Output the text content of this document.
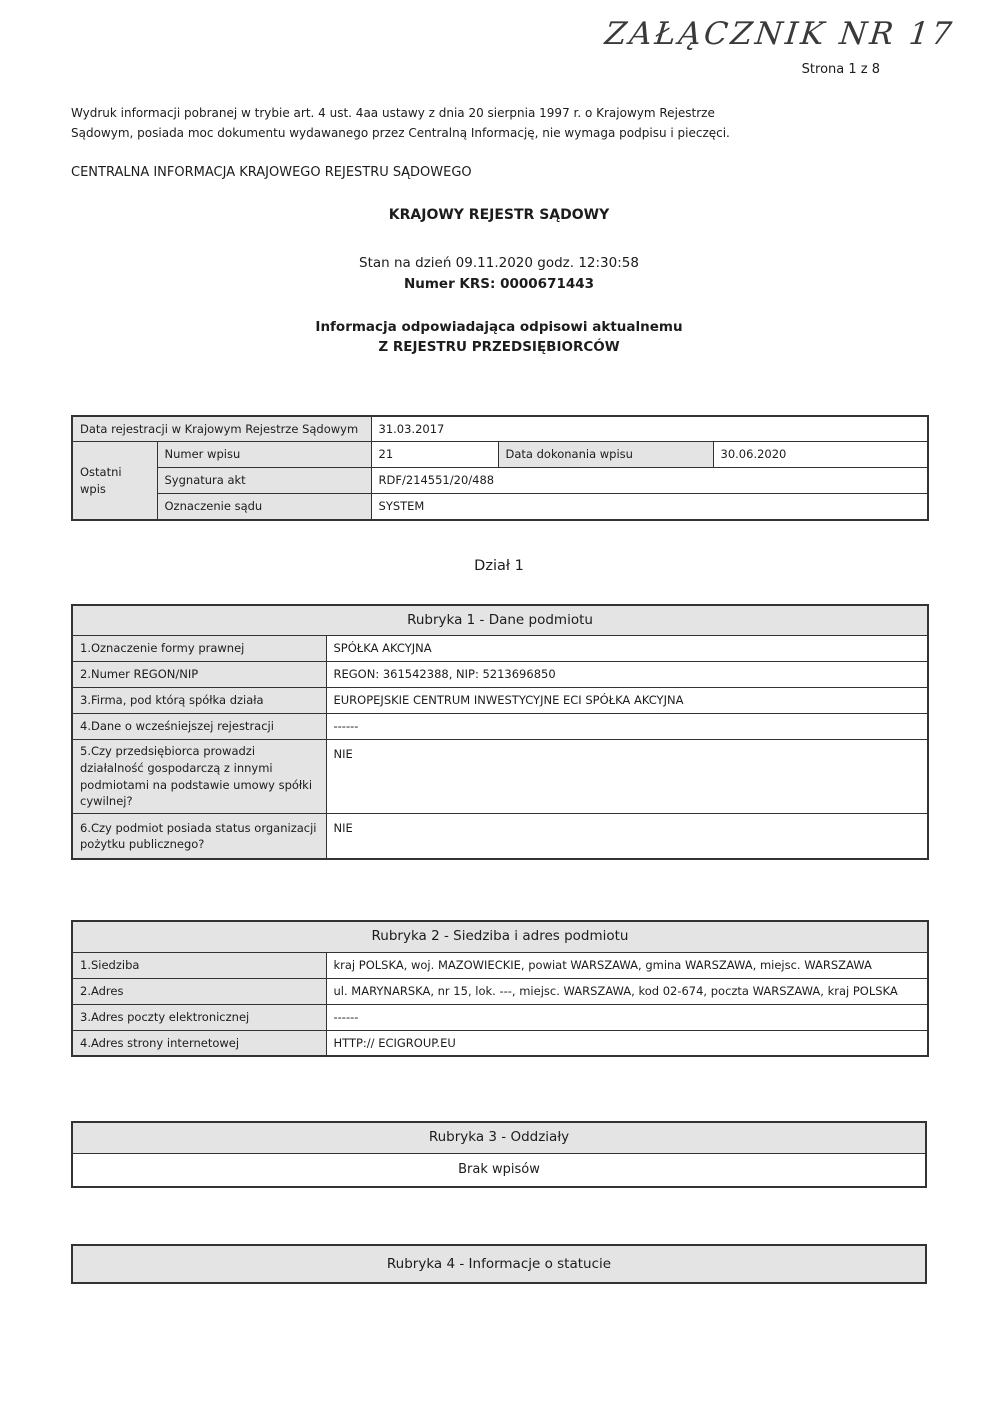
ZAŁĄCZNIK NR 17
Strona 1 z 8

Wydruk informacji pobranej w trybie art. 4 ust. 4aa ustawy z dnia 20 sierpnia 1997 r. o Krajowym Rejestrze Sądowym, posiada moc dokumentu wydawanego przez Centralną Informację, nie wymaga podpisu i pieczęci.

CENTRALNA INFORMACJA KRAJOWEGO REJESTRU SĄDOWEGO

KRAJOWY REJESTR SĄDOWY
Stan na dzień 09.11.2020 godz. 12:30:58
Numer KRS: 0000671443
Informacja odpowiadająca odpisowi aktualnemu
Z REJESTRU PRZEDSIĘBIORCÓW
Data rejestracji w Krajowym Rejestrze Sądowym		31.03.2017		
Ostatni wpis	Numer wpisu	21	Data dokonania wpisu	30.06.2020
	Sygnatura akt	RDF/214551/20/488		
	Oznaczenie sądu	SYSTEM		
Dział 1
Rubryka 1 - Dane podmiotu	
1.Oznaczenie formy prawnej	SPÓŁKA AKCYJNA
2.Numer REGON/NIP	REGON: 361542388, NIP: 5213696850
3.Firma, pod którą spółka działa	EUROPEJSKIE CENTRUM INWESTYCYJNE ECI SPÓŁKA AKCYJNA
4.Dane o wcześniejszej rejestracji	------
5.Czy przedsiębiorca prowadzi działalność gospodarczą z innymi podmiotami na podstawie umowy spółki cywilnej?	NIE
6.Czy podmiot posiada status organizacji pożytku publicznego?	NIE
Rubryka 2 - Siedziba i adres podmiotu	
1.Siedziba	kraj POLSKA, woj. MAZOWIECKIE, powiat WARSZAWA, gmina WARSZAWA, miejsc. WARSZAWA
2.Adres	ul. MARYNARSKA, nr 15, lok. ---, miejsc. WARSZAWA, kod 02-674, poczta WARSZAWA, kraj POLSKA
3.Adres poczty elektronicznej	------
4.Adres strony internetowej	HTTP:// ECIGROUP.EU
Rubryka 3 - Oddziały
Brak wpisów
Rubryka 4 - Informacje o statucie
